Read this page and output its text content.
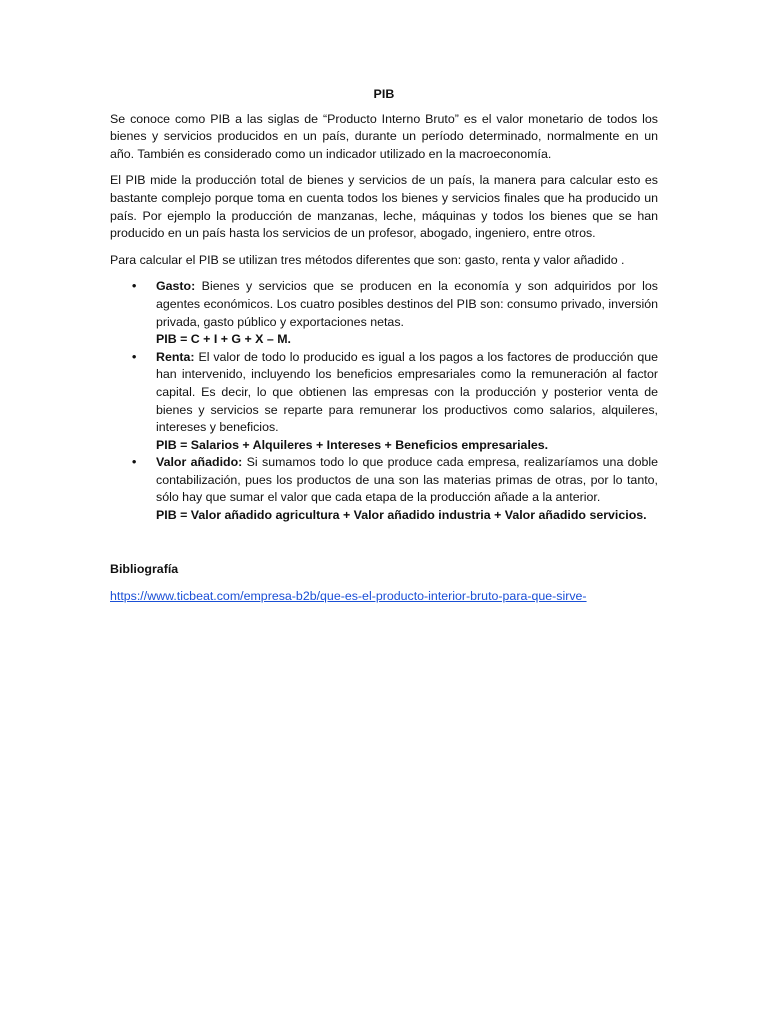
PIB

Se conoce como PIB a las siglas de “Producto Interno Bruto” es el valor monetario de todos los bienes y servicios producidos en un país, durante un período determinado, normalmente en un año. También es considerado como un indicador utilizado en la macroeconomía.

El PIB mide la producción total de bienes y servicios de un país, la manera para calcular esto es bastante complejo porque toma en cuenta todos los bienes y servicios finales que ha producido un país. Por ejemplo la producción de manzanas, leche, máquinas y todos los bienes que se han producido en un país hasta los servicios de un profesor, abogado, ingeniero, entre otros.

Para calcular el PIB se utilizan tres métodos diferentes que son: gasto, renta y valor añadido .

• Gasto: Bienes y servicios que se producen en la economía y son adquiridos por los agentes económicos. Los cuatro posibles destinos del PIB son: consumo privado, inversión privada, gasto público y exportaciones netas.
PIB = C + I + G + X – M.
• Renta: El valor de todo lo producido es igual a los pagos a los factores de producción que han intervenido, incluyendo los beneficios empresariales como la remuneración al factor capital. Es decir, lo que obtienen las empresas con la producción y posterior venta de bienes y servicios se reparte para remunerar los productivos como salarios, alquileres, intereses y beneficios.
PIB = Salarios + Alquileres + Intereses + Beneficios empresariales.
• Valor añadido: Si sumamos todo lo que produce cada empresa, realizaríamos una doble contabilización, pues los productos de una son las materias primas de otras, por lo tanto, sólo hay que sumar el valor que cada etapa de la producción añade a la anterior.
PIB = Valor añadido agricultura + Valor añadido industria + Valor añadido servicios.
Bibliografía
https://www.ticbeat.com/empresa-b2b/que-es-el-producto-interior-bruto-para-que-sirve-
